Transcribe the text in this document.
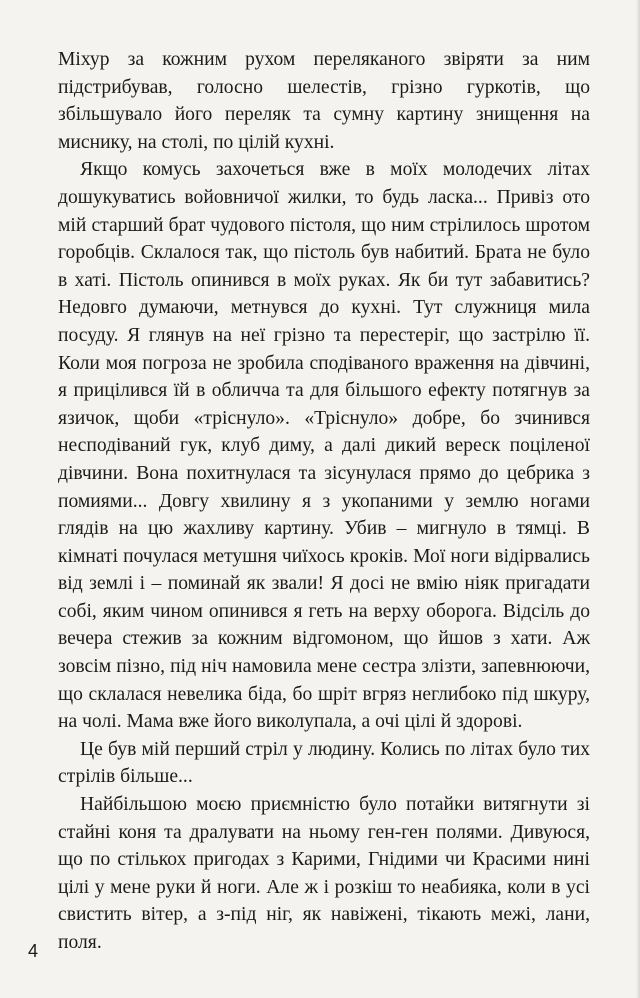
Міхур за кожним рухом переляканого звіряти за ним підстрибував, голосно шелестів, грізно гуркотів, що збільшувало його переляк та сумну картину знищення на миснику, на столі, по цілій кухні.

Якщо комусь захочеться вже в моїх молодечих літах дошукуватись войовничої жилки, то будь ласка... Привіз ото мій старший брат чудового пістоля, що ним стрілилось шротом горобців. Склалося так, що пістоль був набитий. Брата не було в хаті. Пістоль опинився в моїх руках. Як би тут забавитись? Недовго думаючи, метнувся до кухні. Тут служниця мила посуду. Я глянув на неї грізно та перестеріг, що застрілю її. Коли моя погроза не зробила сподіваного враження на дівчині, я прицілився їй в обличча та для більшого ефекту потягнув за язичок, щоби «тріснуло». «Тріснуло» добре, бо зчинився несподіваний гук, клуб диму, а далі дикий вереск поціленої дівчини. Вона похитнулася та зісунулася прямо до цебрика з помиями... Довгу хвилину я з укопаними у землю ногами глядів на цю жахливу картину. Убив – мигнуло в тямці. В кімнаті почулася метушня чиїхось кроків. Мої ноги відірвались від землі і – поминай як звали! Я досі не вмію ніяк пригадати собі, яким чином опинився я геть на верху оборога. Відсіль до вечера стежив за кожним відгомоном, що йшов з хати. Аж зовсім пізно, під ніч намовила мене сестра злізти, запевнюючи, що склалася невелика біда, бо шріт вгряз неглибоко під шкуру, на чолі. Мама вже його виколупала, а очі цілі й здорові.

Це був мій перший стріл у людину. Колись по літах було тих стрілів більше...

Найбільшою моєю приємністю було потайки витягнути зі стайні коня та дралувати на ньому ген-ген полями. Дивуюся, що по стількох пригодах з Карими, Гнідими чи Красими нині цілі у мене руки й ноги. Але ж і розкіш то неабияка, коли в усі свистить вітер, а з-під ніг, як навіжені, тікають межі, лани, поля.

4
